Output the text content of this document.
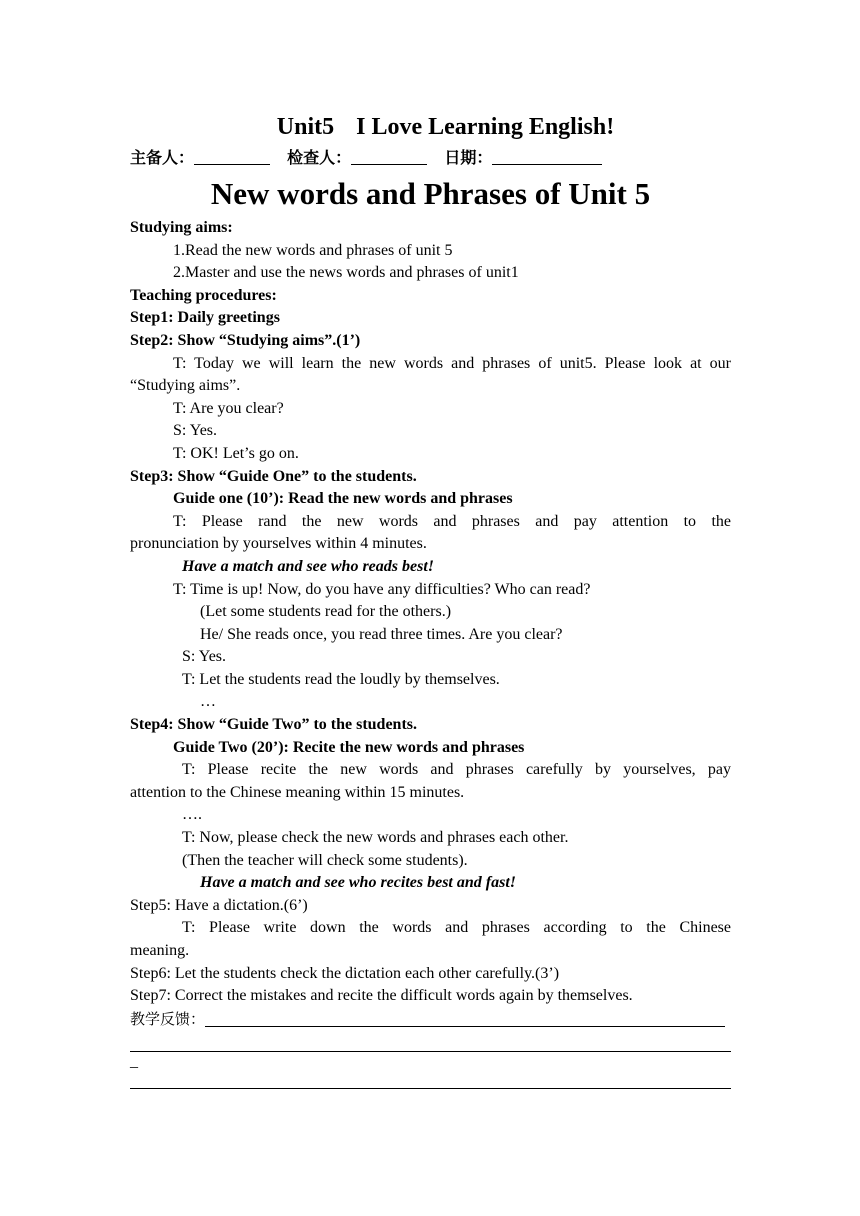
Unit5 I Love Learning English!
主备人：	检查人：	日期：
New words and Phrases of Unit 5
Studying aims:
1.Read the new words and phrases of unit 5
2.Master and use the news words and phrases of unit1
Teaching procedures:
Step1: Daily greetings
Step2: Show “Studying aims”.(1’)
T: Today we will learn the new words and phrases of unit5. Please look at our
“Studying aims”.
T: Are you clear?
S: Yes.
T: OK! Let’s go on.
Step3: Show “Guide One” to the students.
Guide one (10’): Read the new words and phrases
T: Please rand the new words and phrases and pay attention to the
pronunciation by yourselves within 4 minutes.
Have a match and see who reads best!
T: Time is up! Now, do you have any difficulties? Who can read?
(Let some students read for the others.)
He/ She reads once, you read three times. Are you clear?
S: Yes.
T: Let the students read the loudly by themselves.
…
Step4: Show “Guide Two” to the students.
Guide Two (20’): Recite the new words and phrases
T: Please recite the new words and phrases carefully by yourselves, pay
attention to the Chinese meaning within 15 minutes.
….
T: Now, please check the new words and phrases each other.
(Then the teacher will check some students).
Have a match and see who recites best and fast!
Step5: Have a dictation.(6’)
T: Please write down the words and phrases according to the Chinese
meaning.
Step6: Let the students check the dictation each other carefully.(3’)
Step7: Correct the mistakes and recite the difficult words again by themselves.
教学反馈：
_
